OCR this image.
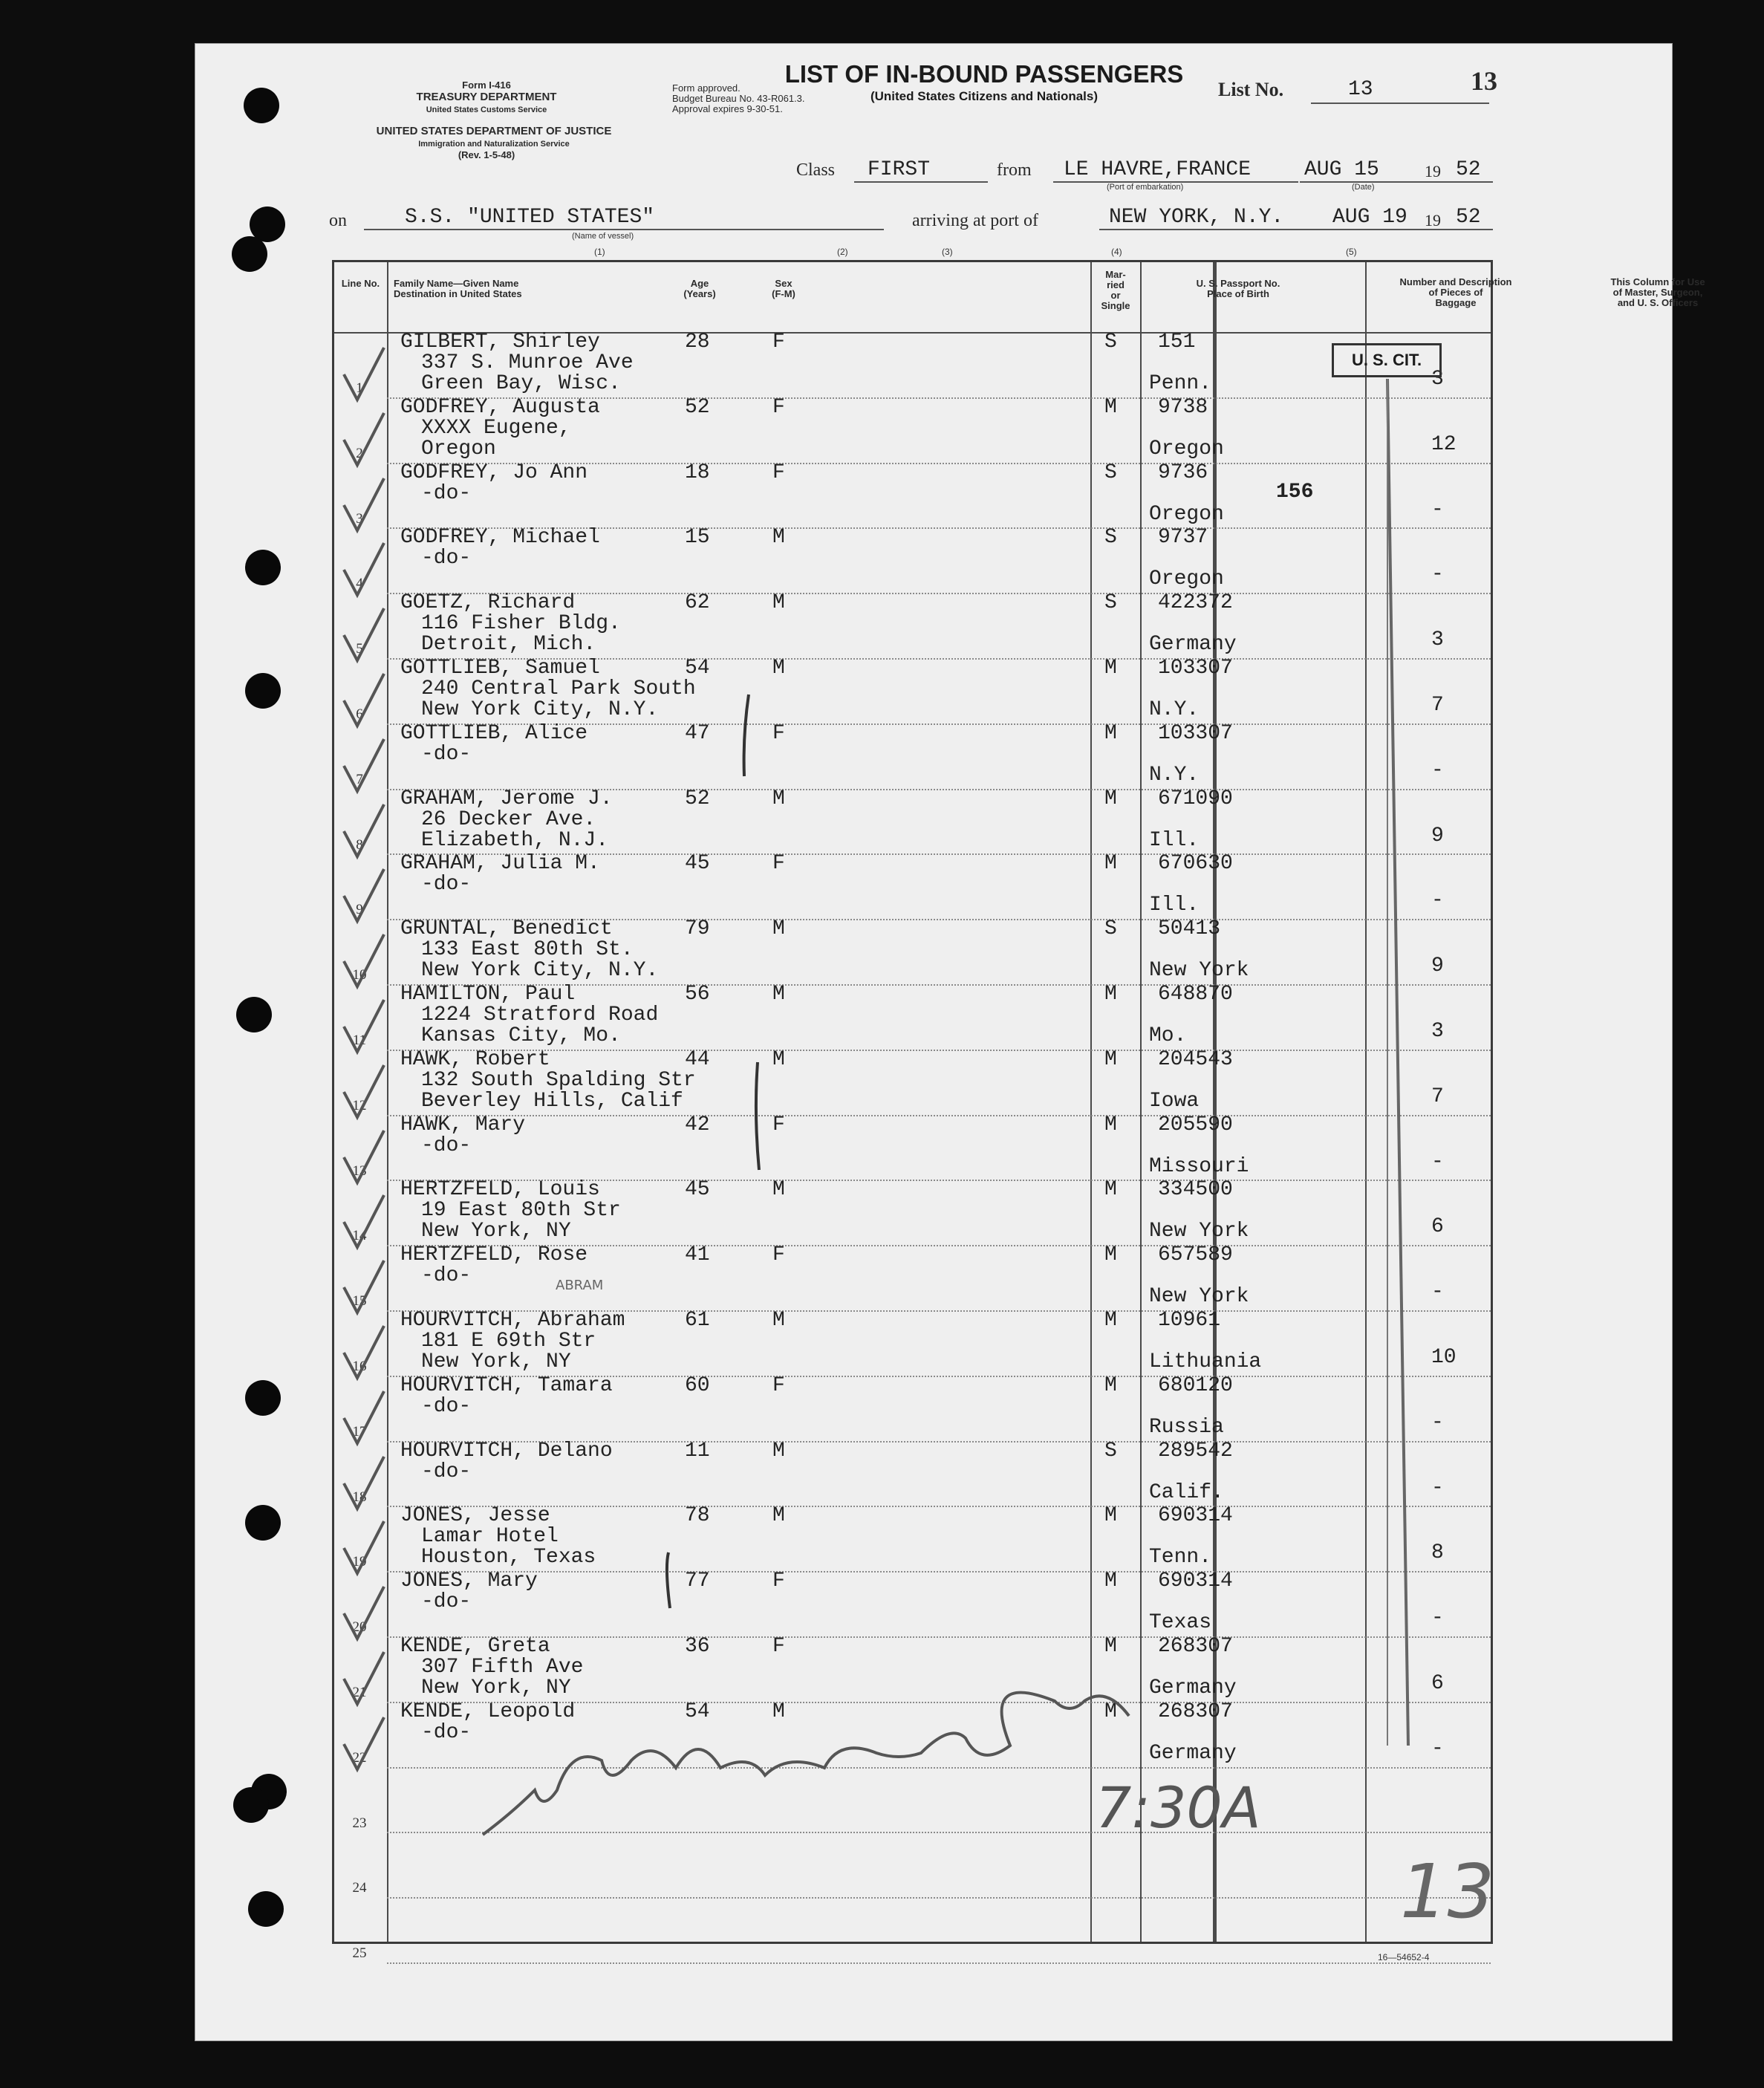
Form I-416
TREASURY DEPARTMENT
United States Customs Service
UNITED STATES DEPARTMENT OF JUSTICE
Immigration and Naturalization Service
(Rev. 1-5-48)
Form approved.
Budget Bureau No. 43-R061.3.
Approval expires 9-30-51.
List No.	13	13
LIST OF IN-BOUND PASSENGERS
(United States Citizens and Nationals)
Class FIRST	from LE HAVRE,FRANCE
(Port of embarkation)
AUG 15	19 52
(Date)
on	S.S. "UNITED STATES"
(Name of vessel)
arriving at port of	NEW YORK, N.Y. AUG 19 19 52
(1)	(2)	(3)	(4)	(5)
Line No.	Family Name—Given Name
Destination in United States
Age
(Years)
Sex
(F-M)
Mar-
ried
or
Single
U. S. Passport No.
Place of Birth
Number and Description
of Pieces of
Baggage
This Column for Use
of Master, Surgeon,
and U. S. Officers
1
GILBERT, Shirley
337 S. Munroe Ave
Green Bay, Wisc.
28	F	S 151
Penn.	3
2
GODFREY, Augusta
XXXX Eugene,
Oregon
52	F	M 9738
Oregon	12
3
GODFREY, Jo Ann
-do-
18	F	S 9736
Oregon	-
4
GODFREY, Michael
-do-
15	M	S 9737
Oregon	-
5
GOETZ, Richard
116 Fisher Bldg.
Detroit, Mich.
62	M	S 422372
Germany	3
6
GOTTLIEB, Samuel
240 Central Park South
New York City, N.Y.
54	M	M 103307
N.Y.	7
7
GOTTLIEB, Alice
-do-
47	F	M 103307
N.Y.	-
8
GRAHAM, Jerome J.
26 Decker Ave.
Elizabeth, N.J.
52	M	M 671090
Ill.	9
9
GRAHAM, Julia M.
-do-
45	F	M 670630
Ill.	-
10
GRUNTAL, Benedict
133 East 80th St.
New York City, N.Y.
79	M	S 50413
New York	9
11
HAMILTON, Paul
1224 Stratford Road
Kansas City, Mo.
56	M	M 648870
Mo.	3
12
HAWK, Robert
132 South Spalding Str
Beverley Hills, Calif
44	M	M 204543
Iowa	7
13
HAWK, Mary
-do-
42	F	M 205590
Missouri	-
14
HERTZFELD, Louis
19 East 80th Str
New York, NY
45	M	M 334500
New York	6
15
HERTZFELD, Rose
-do-
41	F	M 657589
New York	-
16
HOURVITCH, Abraham
181 E 69th Str
New York, NY
61	M	M 10961
Lithuania	10
17
HOURVITCH, Tamara
-do-
60	F	M 680120
Russia	-
18
HOURVITCH, Delano
-do-
11	M	S 289542
Calif.	-
19
JONES, Jesse
Lamar Hotel
Houston, Texas
78	M	M 690314
Tenn.	8
20
JONES, Mary
-do-
77	F	M 690314
Texas	-
21
KENDE, Greta
307 Fifth Ave
New York, NY
36	F	M 268307
Germany	6
22
KENDE, Leopold
-do-
54	M	M 268307
Germany	-
23
24
25
U. S. CIT.
156
ABRAM
13
7:30A
16—54652-4
